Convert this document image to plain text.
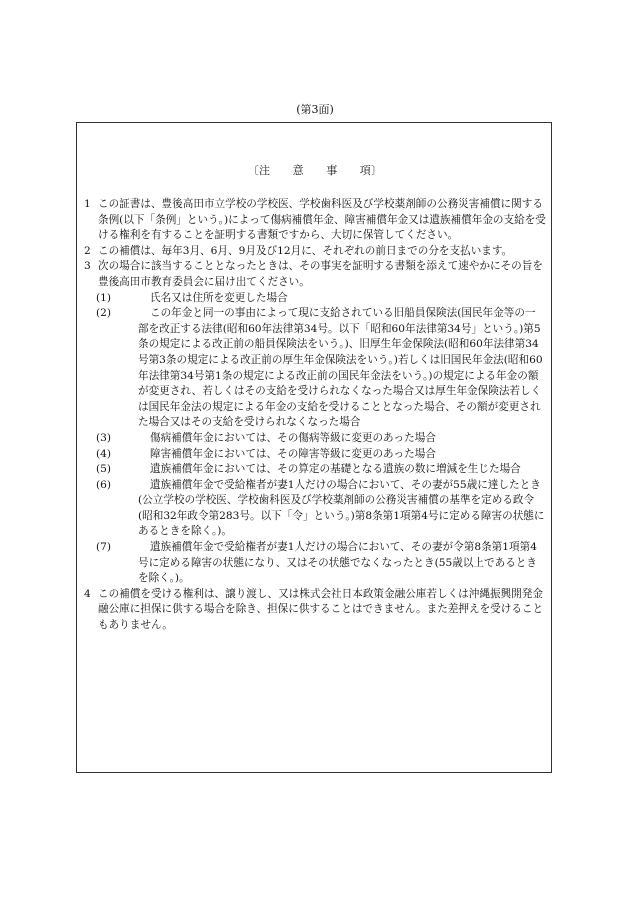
(第3面)
〔注　　意　　事　　項〕

1 この証書は、豊後高田市立学校の学校医、学校歯科医及び学校薬剤師の公務災害補償に関する条例(以下「条例」という。)によって傷病補償年金、障害補償年金又は遺族補償年金の支給を受ける権利を有することを証明する書類ですから、大切に保管してください。

2 この補償は、毎年3月、6月、9月及び12月に、それぞれの前日までの分を支払います。

3 次の場合に該当することとなったときは、その事実を証明する書類を添えて速やかにその旨を豊後高田市教育委員会に届け出てください。

(1)	氏名又は住所を変更した場合
(2)	この年金と同一の事由によって現に支給されている旧船員保険法(国民年金等の一部を改正する法律(昭和60年法律第34号。以下「昭和60年法律第34号」という。)第5条の規定による改正前の船員保険法をいう。)、旧厚生年金保険法(昭和60年法律第34号第3条の規定による改正前の厚生年金保険法をいう。)若しくは旧国民年金法(昭和60年法律第34号第1条の規定による改正前の国民年金法をいう。)の規定による年金の額が変更され、若しくはその支給を受けられなくなった場合又は厚生年金保険法若しくは国民年金法の規定による年金の支給を受けることとなった場合、その額が変更された場合又はその支給を受けられなくなった場合
(3)	傷病補償年金においては、その傷病等級に変更のあった場合
(4)	障害補償年金においては、その障害等級に変更のあった場合
(5)	遺族補償年金においては、その算定の基礎となる遺族の数に増減を生じた場合
(6)	遺族補償年金で受給権者が妻1人だけの場合において、その妻が55歳に達したとき(公立学校の学校医、学校歯科医及び学校薬剤師の公務災害補償の基準を定める政令(昭和32年政令第283号。以下「令」という。)第8条第1項第4号に定める障害の状態にあるときを除く。)。
(7)	遺族補償年金で受給権者が妻1人だけの場合において、その妻が令第8条第1項第4号に定める障害の状態になり、又はその状態でなくなったとき(55歳以上であるときを除く。)。

4 この補償を受ける権利は、譲り渡し、又は株式会社日本政策金融公庫若しくは沖縄振興開発金融公庫に担保に供する場合を除き、担保に供することはできません。また差押えを受けることもありません。
